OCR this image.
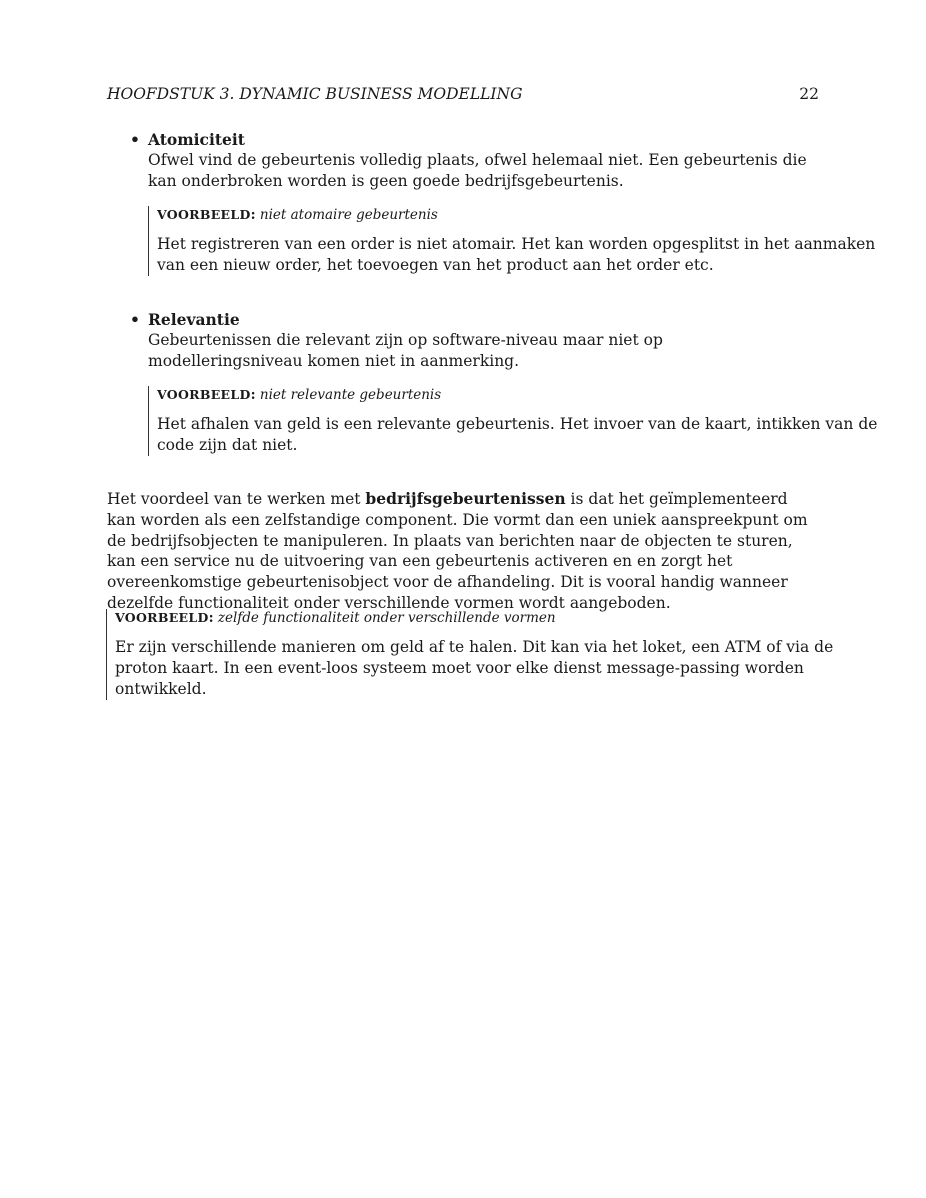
HOOFDSTUK 3. DYNAMIC BUSINESS MODELLING	22
• Atomiciteit
Ofwel vind de gebeurtenis volledig plaats, ofwel helemaal niet. Een gebeurtenis die kan onderbroken worden is geen goede bedrijfsgebeurtenis.
VOORBEELD: niet atomaire gebeurtenis
Het registreren van een order is niet atomair. Het kan worden opgesplitst in het aanmaken van een nieuw order, het toevoegen van het product aan het order etc.
• Relevantie
Gebeurtenissen die relevant zijn op software-niveau maar niet op modelleringsniveau komen niet in aanmerking.
VOORBEELD: niet relevante gebeurtenis
Het afhalen van geld is een relevante gebeurtenis. Het invoer van de kaart, intikken van de code zijn dat niet.
Het voordeel van te werken met bedrijfsgebeurtenissen is dat het geïmplementeerd kan worden als een zelfstandige component. Die vormt dan een uniek aanspreekpunt om de bedrijfsobjecten te manipuleren. In plaats van berichten naar de objecten te sturen, kan een service nu de uitvoering van een gebeurtenis activeren en en zorgt het overeenkomstige gebeurtenisobject voor de afhandeling. Dit is vooral handig wanneer dezelfde functionaliteit onder verschillende vormen wordt aangeboden.
VOORBEELD: zelfde functionaliteit onder verschillende vormen
Er zijn verschillende manieren om geld af te halen. Dit kan via het loket, een ATM of via de proton kaart. In een event-loos systeem moet voor elke dienst message-passing worden ontwikkeld.
